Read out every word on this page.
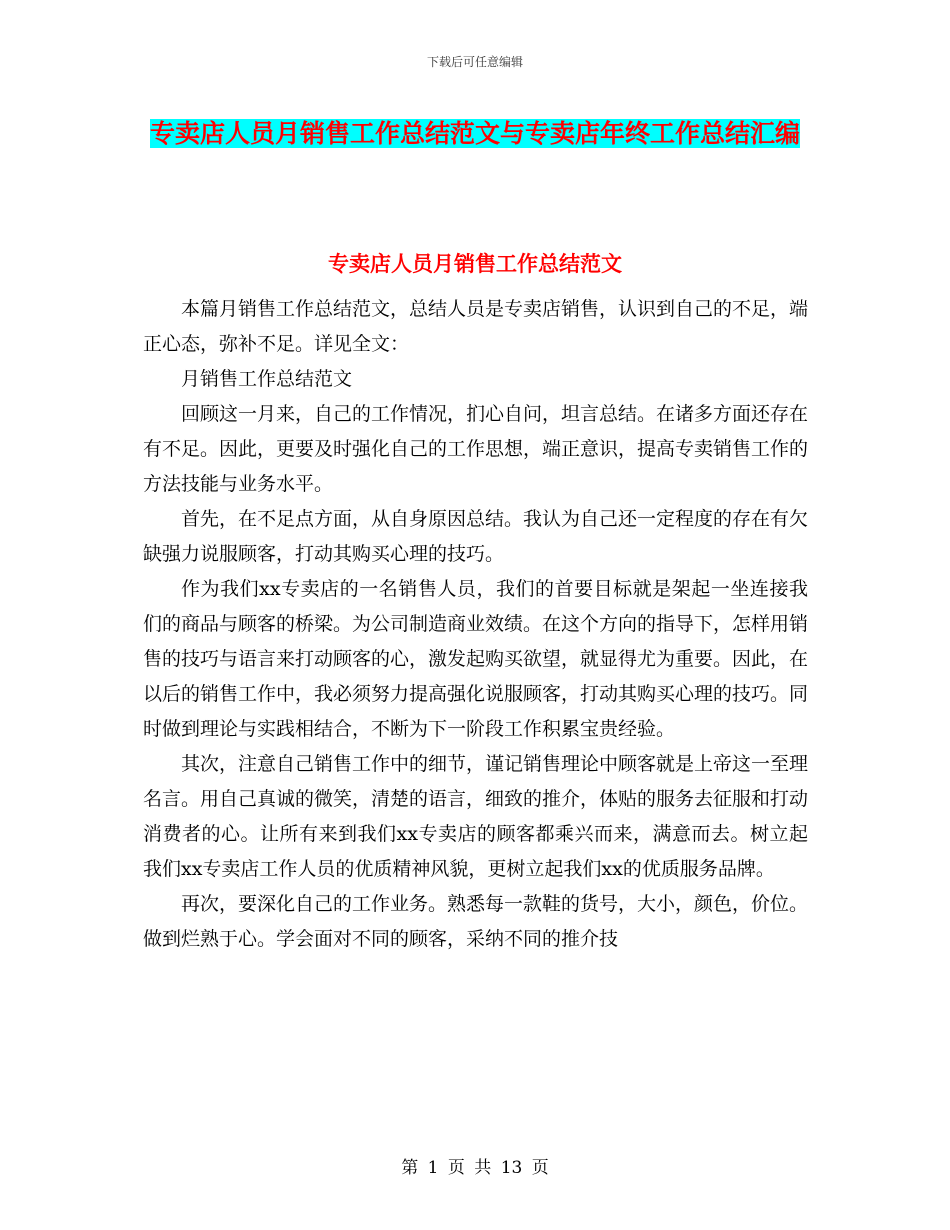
下载后可任意编辑
专卖店人员月销售工作总结范文与专卖店年终工作总结汇编
专卖店人员月销售工作总结范文

本篇月销售工作总结范文，总结人员是专卖店销售，认识到自己的不足，端正心态，弥补不足。详见全文：

月销售工作总结范文

回顾这一月来，自己的工作情况，扪心自问，坦言总结。在诸多方面还存在有不足。因此，更要及时强化自己的工作思想，端正意识，提高专卖销售工作的方法技能与业务水平。

首先，在不足点方面，从自身原因总结。我认为自己还一定程度的存在有欠缺强力说服顾客，打动其购买心理的技巧。

作为我们xx专卖店的一名销售人员，我们的首要目标就是架起一坐连接我们的商品与顾客的桥梁。为公司制造商业效绩。在这个方向的指导下，怎样用销售的技巧与语言来打动顾客的心，激发起购买欲望，就显得尤为重要。因此，在以后的销售工作中，我必须努力提高强化说服顾客，打动其购买心理的技巧。同时做到理论与实践相结合，不断为下一阶段工作积累宝贵经验。

其次，注意自己销售工作中的细节，谨记销售理论中顾客就是上帝这一至理名言。用自己真诚的微笑，清楚的语言，细致的推介，体贴的服务去征服和打动消费者的心。让所有来到我们xx专卖店的顾客都乘兴而来，满意而去。树立起我们xx专卖店工作人员的优质精神风貌，更树立起我们xx的优质服务品牌。

再次，要深化自己的工作业务。熟悉每一款鞋的货号，大小，颜色，价位。做到烂熟于心。学会面对不同的顾客，采纳不同的推介技

第 1 页 共 13 页
